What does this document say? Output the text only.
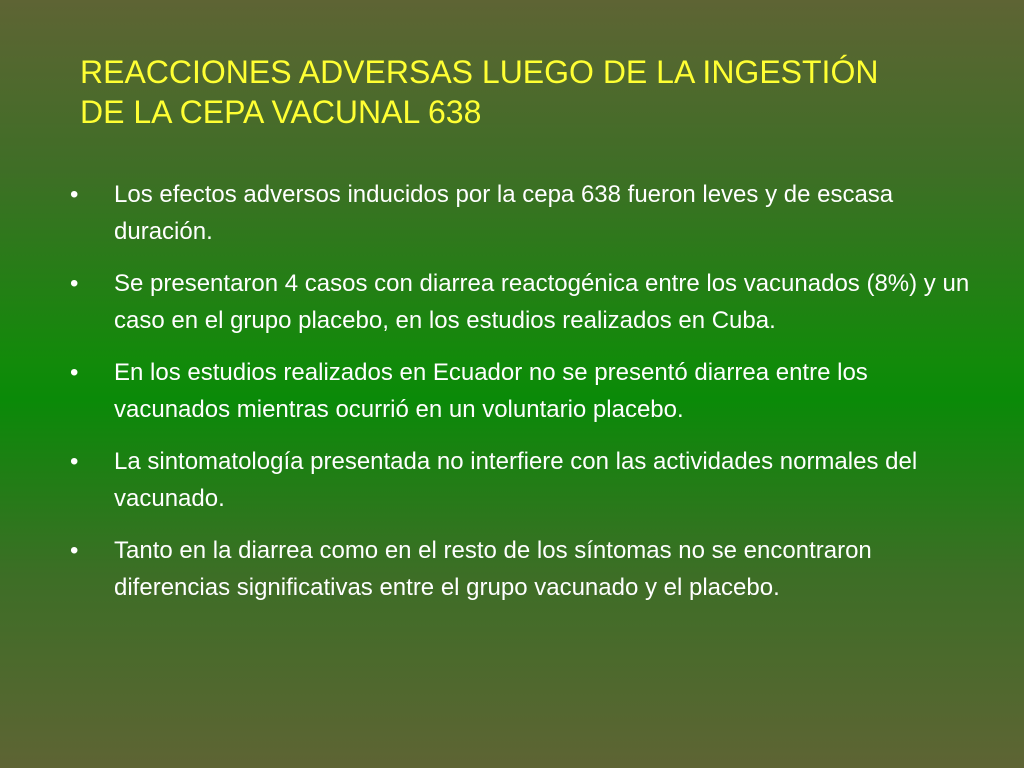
REACCIONES ADVERSAS LUEGO DE LA INGESTIÓN
DE LA CEPA VACUNAL 638
•	Los efectos adversos inducidos por la cepa 638 fueron leves y de escasa duración.
•	Se presentaron 4 casos con diarrea reactogénica entre los vacunados (8%) y un caso en el grupo placebo, en los estudios realizados en Cuba.
•	En los estudios realizados en Ecuador no se presentó diarrea entre los vacunados mientras ocurrió en un voluntario placebo.
•	La sintomatología presentada no interfiere con las actividades normales del vacunado.
•	Tanto en la diarrea como en el resto de los síntomas no se encontraron diferencias significativas entre el grupo vacunado y el placebo.
